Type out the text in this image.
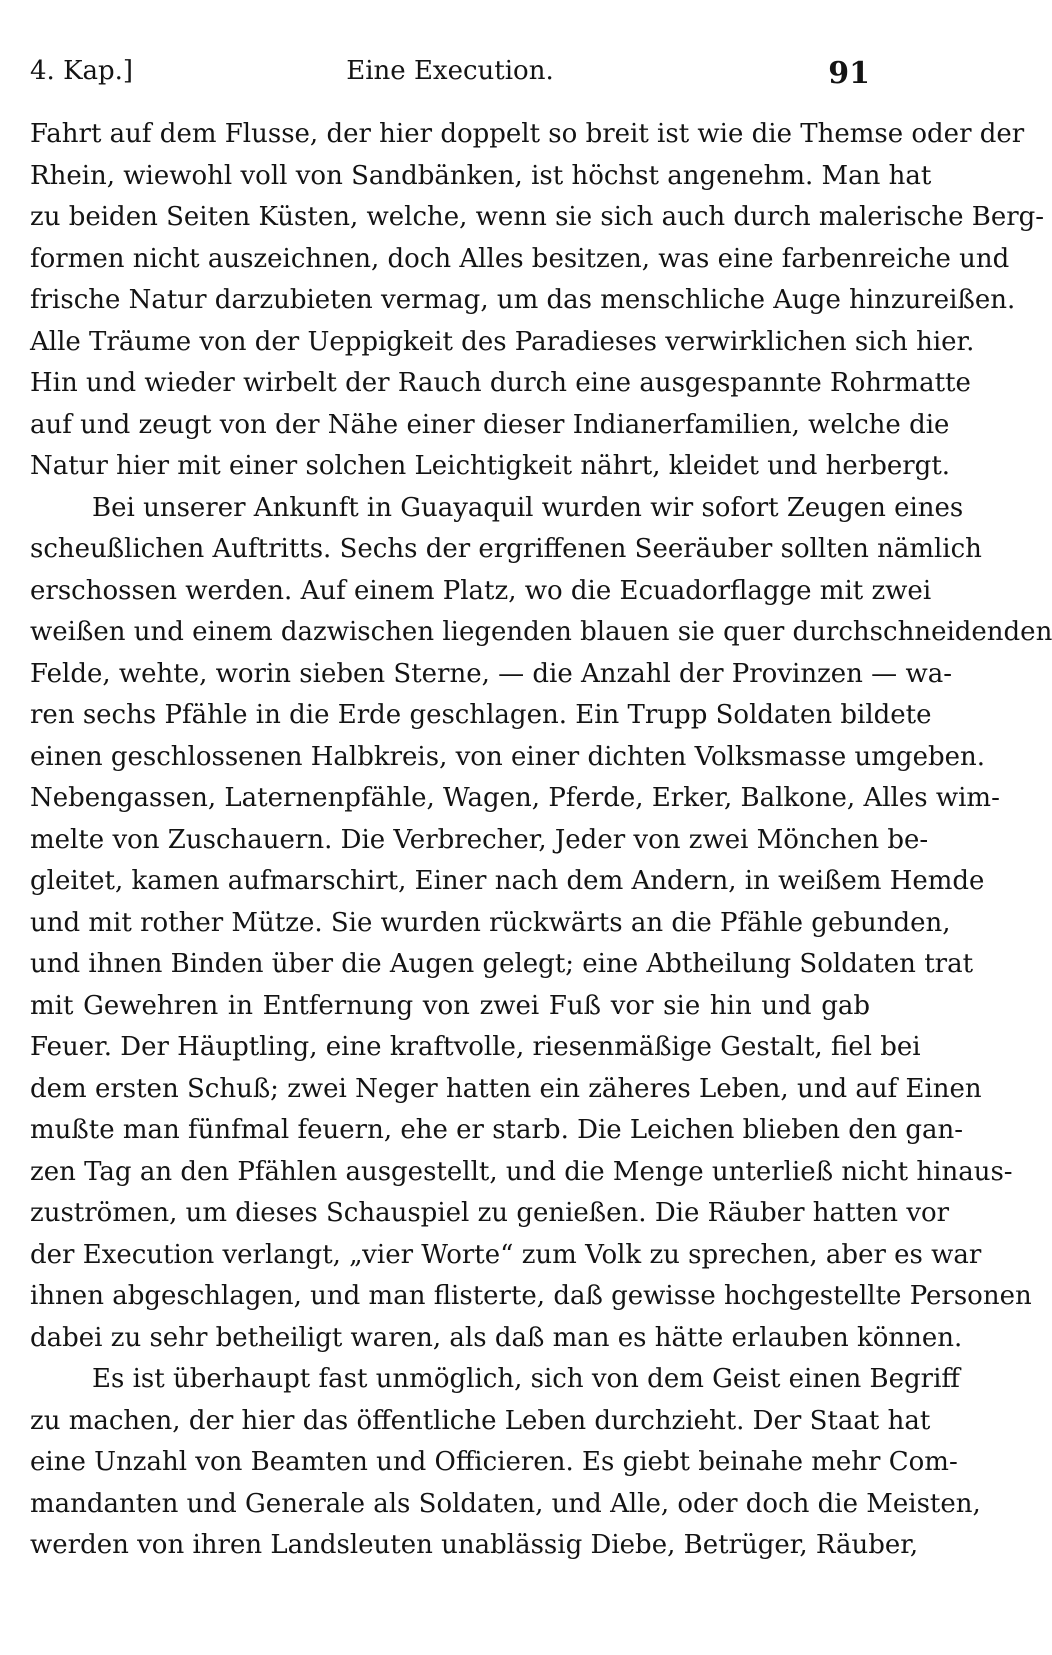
4. Kap.]	Eine Execution.	91
Fahrt auf dem Flusse, der hier doppelt so breit ist wie die Themse oder der
Rhein, wiewohl voll von Sandbänken, ist höchst angenehm. Man hat
zu beiden Seiten Küsten, welche, wenn sie sich auch durch malerische Berg-
formen nicht auszeichnen, doch Alles besitzen, was eine farbenreiche und
frische Natur darzubieten vermag, um das menschliche Auge hinzureißen.
Alle Träume von der Ueppigkeit des Paradieses verwirklichen sich hier.
Hin und wieder wirbelt der Rauch durch eine ausgespannte Rohrmatte
auf und zeugt von der Nähe einer dieser Indianerfamilien, welche die
Natur hier mit einer solchen Leichtigkeit nährt, kleidet und herbergt.
Bei unserer Ankunft in Guayaquil wurden wir sofort Zeugen eines
scheußlichen Auftritts. Sechs der ergriffenen Seeräuber sollten nämlich
erschossen werden. Auf einem Platz, wo die Ecuadorflagge mit zwei
weißen und einem dazwischen liegenden blauen sie quer durchschneidenden
Felde, wehte, worin sieben Sterne, — die Anzahl der Provinzen — wa-
ren sechs Pfähle in die Erde geschlagen. Ein Trupp Soldaten bildete
einen geschlossenen Halbkreis, von einer dichten Volksmasse umgeben.
Nebengassen, Laternenpfähle, Wagen, Pferde, Erker, Balkone, Alles wim-
melte von Zuschauern. Die Verbrecher, Jeder von zwei Mönchen be-
gleitet, kamen aufmarschirt, Einer nach dem Andern, in weißem Hemde
und mit rother Mütze. Sie wurden rückwärts an die Pfähle gebunden,
und ihnen Binden über die Augen gelegt; eine Abtheilung Soldaten trat
mit Gewehren in Entfernung von zwei Fuß vor sie hin und gab
Feuer. Der Häuptling, eine kraftvolle, riesenmäßige Gestalt, fiel bei
dem ersten Schuß; zwei Neger hatten ein zäheres Leben, und auf Einen
mußte man fünfmal feuern, ehe er starb. Die Leichen blieben den gan-
zen Tag an den Pfählen ausgestellt, und die Menge unterließ nicht hinaus-
zuströmen, um dieses Schauspiel zu genießen. Die Räuber hatten vor
der Execution verlangt, „vier Worte“ zum Volk zu sprechen, aber es war
ihnen abgeschlagen, und man flisterte, daß gewisse hochgestellte Personen
dabei zu sehr betheiligt waren, als daß man es hätte erlauben können.
Es ist überhaupt fast unmöglich, sich von dem Geist einen Begriff
zu machen, der hier das öffentliche Leben durchzieht. Der Staat hat
eine Unzahl von Beamten und Officieren. Es giebt beinahe mehr Com-
mandanten und Generale als Soldaten, und Alle, oder doch die Meisten,
werden von ihren Landsleuten unablässig Diebe, Betrüger, Räuber,
